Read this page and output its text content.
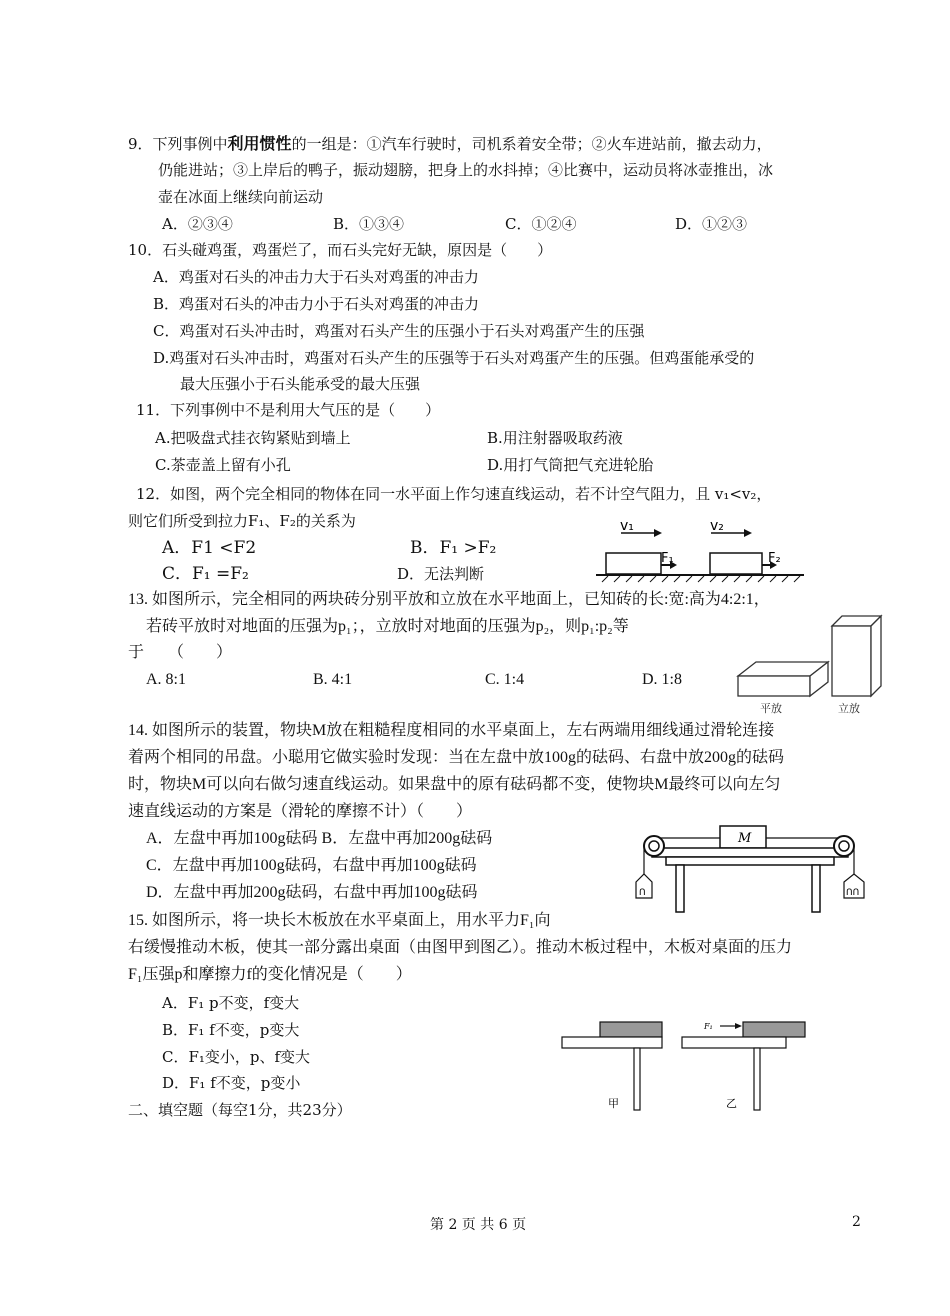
9．下列事例中利用惯性的一组是：①汽车行驶时，司机系着安全带；②火车进站前，撤去动力，
仍能进站；③上岸后的鸭子，振动翅膀，把身上的水抖掉；④比赛中，运动员将冰壶推出，冰
壶在冰面上继续向前运动
A．②③④	B．①③④	C．①②④	D．①②③
10．石头碰鸡蛋，鸡蛋烂了，而石头完好无缺，原因是（　　）
A．鸡蛋对石头的冲击力大于石头对鸡蛋的冲击力
B．鸡蛋对石头的冲击力小于石头对鸡蛋的冲击力
C．鸡蛋对石头冲击时，鸡蛋对石头产生的压强小于石头对鸡蛋产生的压强
D.鸡蛋对石头冲击时，鸡蛋对石头产生的压强等于石头对鸡蛋产生的压强。但鸡蛋能承受的
最大压强小于石头能承受的最大压强
11．下列事例中不是利用大气压的是（　　）
A.把吸盘式挂衣钩紧贴到墙上	B.用注射器吸取药液
C.茶壶盖上留有小孔	D.用打气筒把气充进轮胎
12．如图，两个完全相同的物体在同一水平面上作匀速直线运动，若不计空气阻力，且 v₁<v₂，
则它们所受到拉力F₁、F₂的关系为
A．F1 <F2	B．F₁ >F₂
C．F₁ =F₂	D．无法判断
v₁	v₂
F₁	F₂
13. 如图所示，完全相同的两块砖分别平放和立放在水平地面上，已知砖的长:宽:高为4:2:1，
若砖平放时对地面的压强为p₁；，立放时对地面的压强为p₂，则p₁:p₂等
于　　（　　）
A. 8:1	B. 4:1	C. 1:4	D. 1:8
平放	立放
14. 如图所示的装置，物块M放在粗糙程度相同的水平桌面上，左右两端用细线通过滑轮连接
着两个相同的吊盘。小聪用它做实验时发现：当在左盘中放100g的砝码、右盘中放200g的砝码
时，物块M可以向右做匀速直线运动。如果盘中的原有砝码都不变，使物块M最终可以向左匀
速直线运动的方案是（滑轮的摩擦不计）（　　）
A．左盘中再加100g砝码 B．左盘中再加200g砝码
C．左盘中再加100g砝码，右盘中再加100g砝码
D．左盘中再加200g砝码，右盘中再加100g砝码
M
ᑎ	ᑎᑎ
15. 如图所示，将一块长木板放在水平桌面上，用水平力F₁向
右缓慢推动木板，使其一部分露出桌面（由图甲到图乙）。推动木板过程中，木板对桌面的压力
F₁压强p和摩擦力f的变化情况是（　　）
A．F₁ p不变，f变大
B．F₁ f不变，p变大
C．F₁变小，p、f变大
D．F₁ f不变，p变小
甲	乙
F₁
二、填空题（每空1分，共23分）
第 2 页 共 6 页	2
